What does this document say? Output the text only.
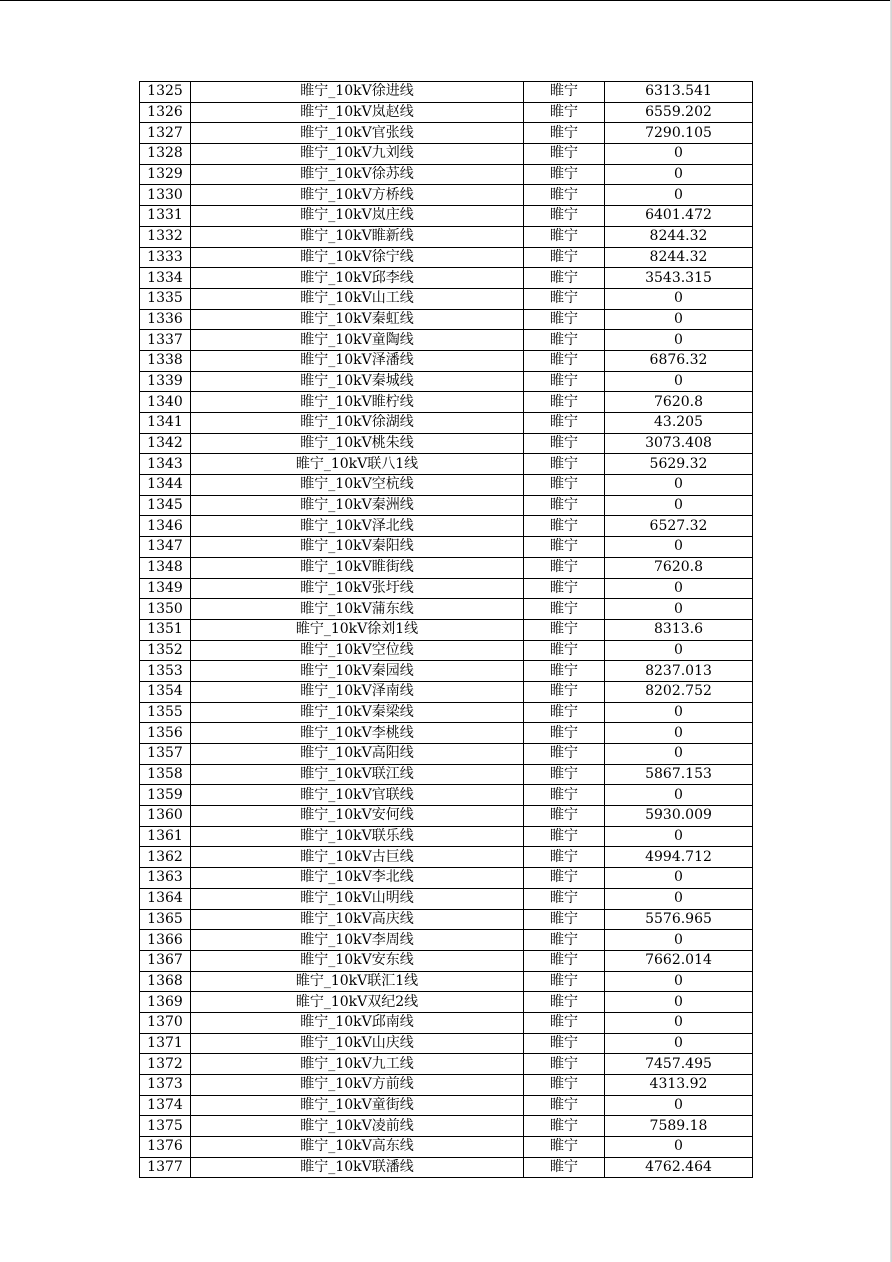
1325	睢宁_10kV徐进线	睢宁	6313.541
1326	睢宁_10kV岚赵线	睢宁	6559.202
1327	睢宁_10kV官张线	睢宁	7290.105
1328	睢宁_10kV九刘线	睢宁	0
1329	睢宁_10kV徐苏线	睢宁	0
1330	睢宁_10kV方桥线	睢宁	0
1331	睢宁_10kV岚庄线	睢宁	6401.472
1332	睢宁_10kV睢新线	睢宁	8244.32
1333	睢宁_10kV徐宁线	睢宁	8244.32
1334	睢宁_10kV邱李线	睢宁	3543.315
1335	睢宁_10kV山工线	睢宁	0
1336	睢宁_10kV秦虹线	睢宁	0
1337	睢宁_10kV童陶线	睢宁	0
1338	睢宁_10kV泽潘线	睢宁	6876.32
1339	睢宁_10kV秦城线	睢宁	0
1340	睢宁_10kV睢柠线	睢宁	7620.8
1341	睢宁_10kV徐湖线	睢宁	43.205
1342	睢宁_10kV桃朱线	睢宁	3073.408
1343	睢宁_10kV联八1线	睢宁	5629.32
1344	睢宁_10kV空杭线	睢宁	0
1345	睢宁_10kV秦洲线	睢宁	0
1346	睢宁_10kV泽北线	睢宁	6527.32
1347	睢宁_10kV秦阳线	睢宁	0
1348	睢宁_10kV睢街线	睢宁	7620.8
1349	睢宁_10kV张圩线	睢宁	0
1350	睢宁_10kV蒲东线	睢宁	0
1351	睢宁_10kV徐刘1线	睢宁	8313.6
1352	睢宁_10kV空位线	睢宁	0
1353	睢宁_10kV秦园线	睢宁	8237.013
1354	睢宁_10kV泽南线	睢宁	8202.752
1355	睢宁_10kV秦梁线	睢宁	0
1356	睢宁_10kV李桃线	睢宁	0
1357	睢宁_10kV高阳线	睢宁	0
1358	睢宁_10kV联江线	睢宁	5867.153
1359	睢宁_10kV官联线	睢宁	0
1360	睢宁_10kV安何线	睢宁	5930.009
1361	睢宁_10kV联乐线	睢宁	0
1362	睢宁_10kV古巨线	睢宁	4994.712
1363	睢宁_10kV李北线	睢宁	0
1364	睢宁_10kV山明线	睢宁	0
1365	睢宁_10kV高庆线	睢宁	5576.965
1366	睢宁_10kV李周线	睢宁	0
1367	睢宁_10kV安东线	睢宁	7662.014
1368	睢宁_10kV联汇1线	睢宁	0
1369	睢宁_10kV双纪2线	睢宁	0
1370	睢宁_10kV邱南线	睢宁	0
1371	睢宁_10kV山庆线	睢宁	0
1372	睢宁_10kV九工线	睢宁	7457.495
1373	睢宁_10kV方前线	睢宁	4313.92
1374	睢宁_10kV童街线	睢宁	0
1375	睢宁_10kV凌前线	睢宁	7589.18
1376	睢宁_10kV高东线	睢宁	0
1377	睢宁_10kV联潘线	睢宁	4762.464
